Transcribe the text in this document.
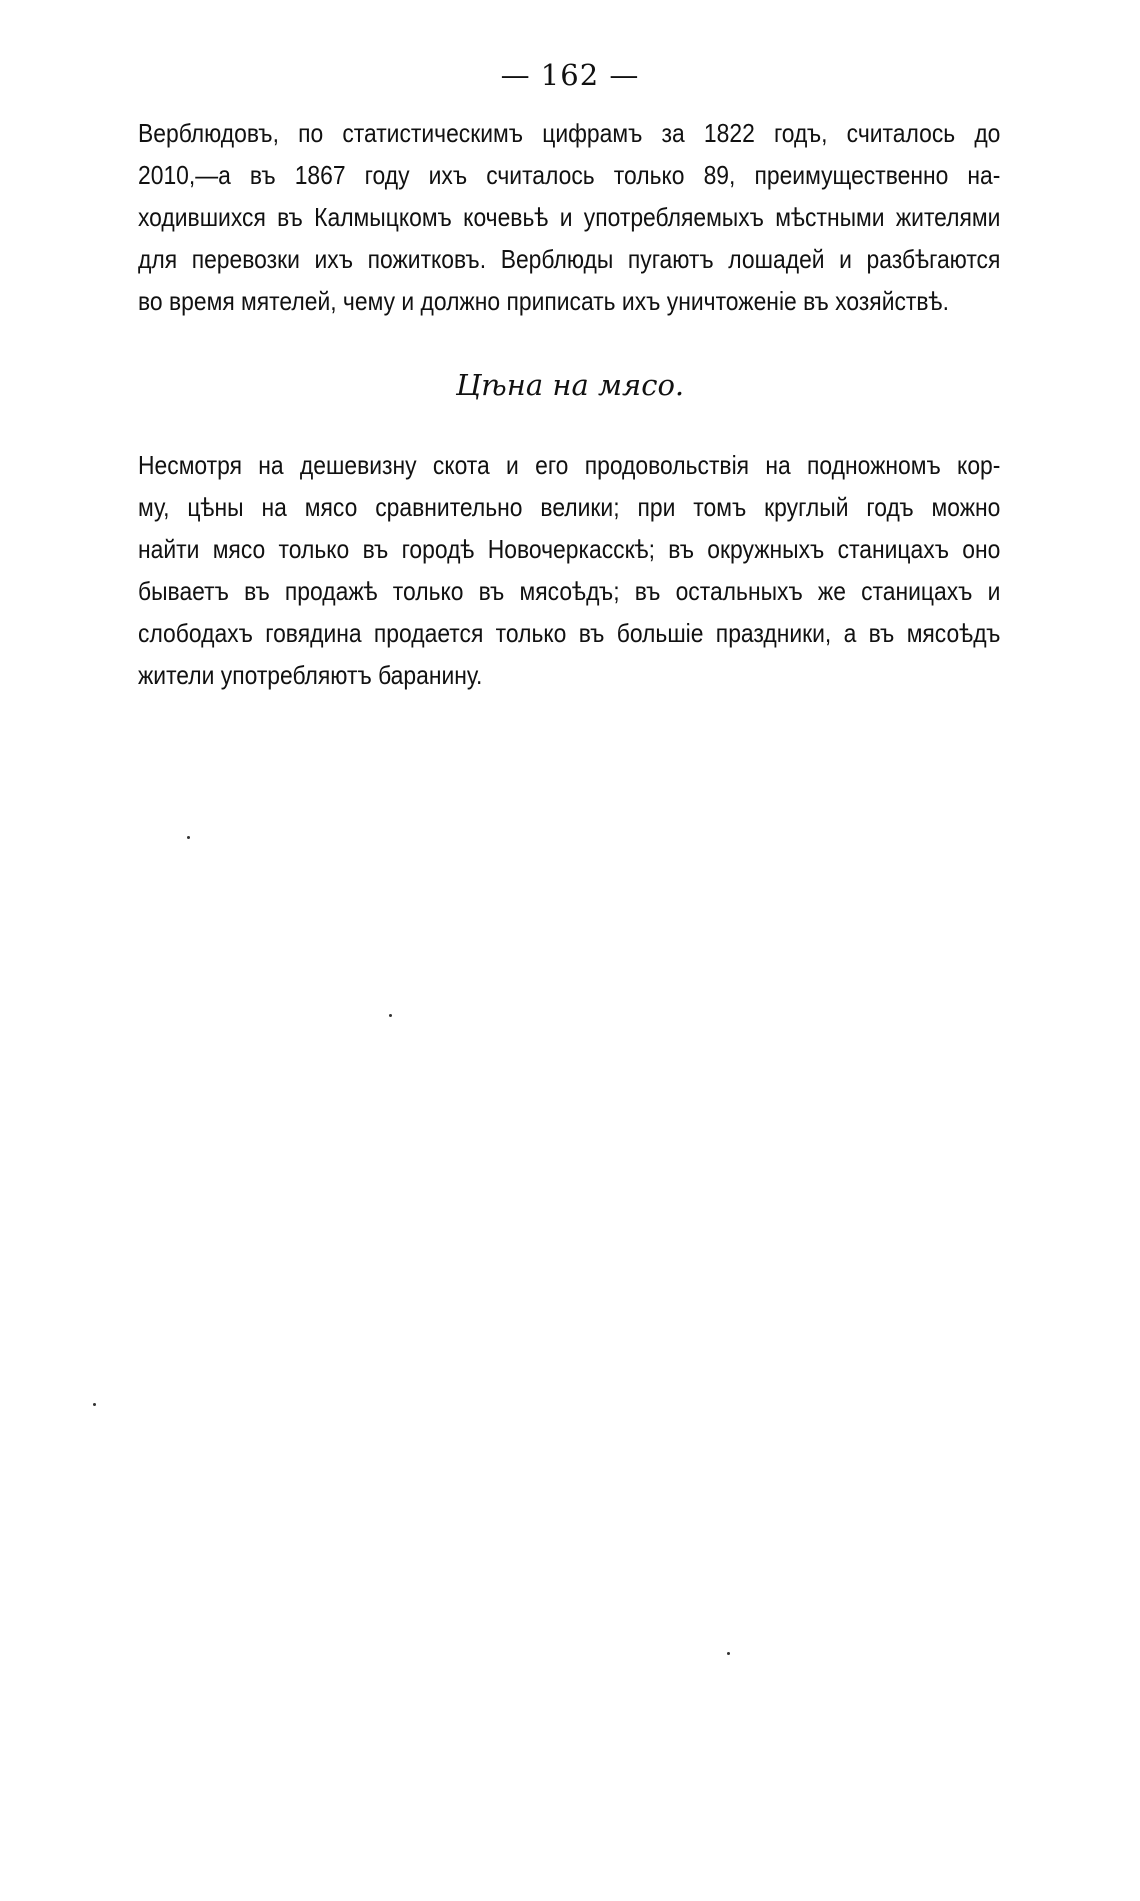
— 162 —
Верблюдовъ, по статистическимъ цифрамъ за 1822 годъ, считалось до
2010,—а въ 1867 году ихъ считалось только 89, преимущественно на-
ходившихся въ Калмыцкомъ кочевьѣ и употребляемыхъ мѣстными жителями
для перевозки ихъ пожитковъ. Верблюды пугаютъ лошадей и разбѣгаются
во время мятелей, чему и должно приписать ихъ уничтоженіе въ хозяйствѣ.
Цѣна на мясо.
Несмотря на дешевизну скота и его продовольствія на подножномъ кор-
му, цѣны на мясо сравнительно велики; при томъ круглый годъ можно
найти мясо только въ городѣ Новочеркасскѣ; въ окружныхъ станицахъ оно
бываетъ въ продажѣ только въ мясоѣдъ; въ остальныхъ же станицахъ и
слободахъ говядина продается только въ большіе праздники, а въ мясоѣдъ
жители употребляютъ баранину.
